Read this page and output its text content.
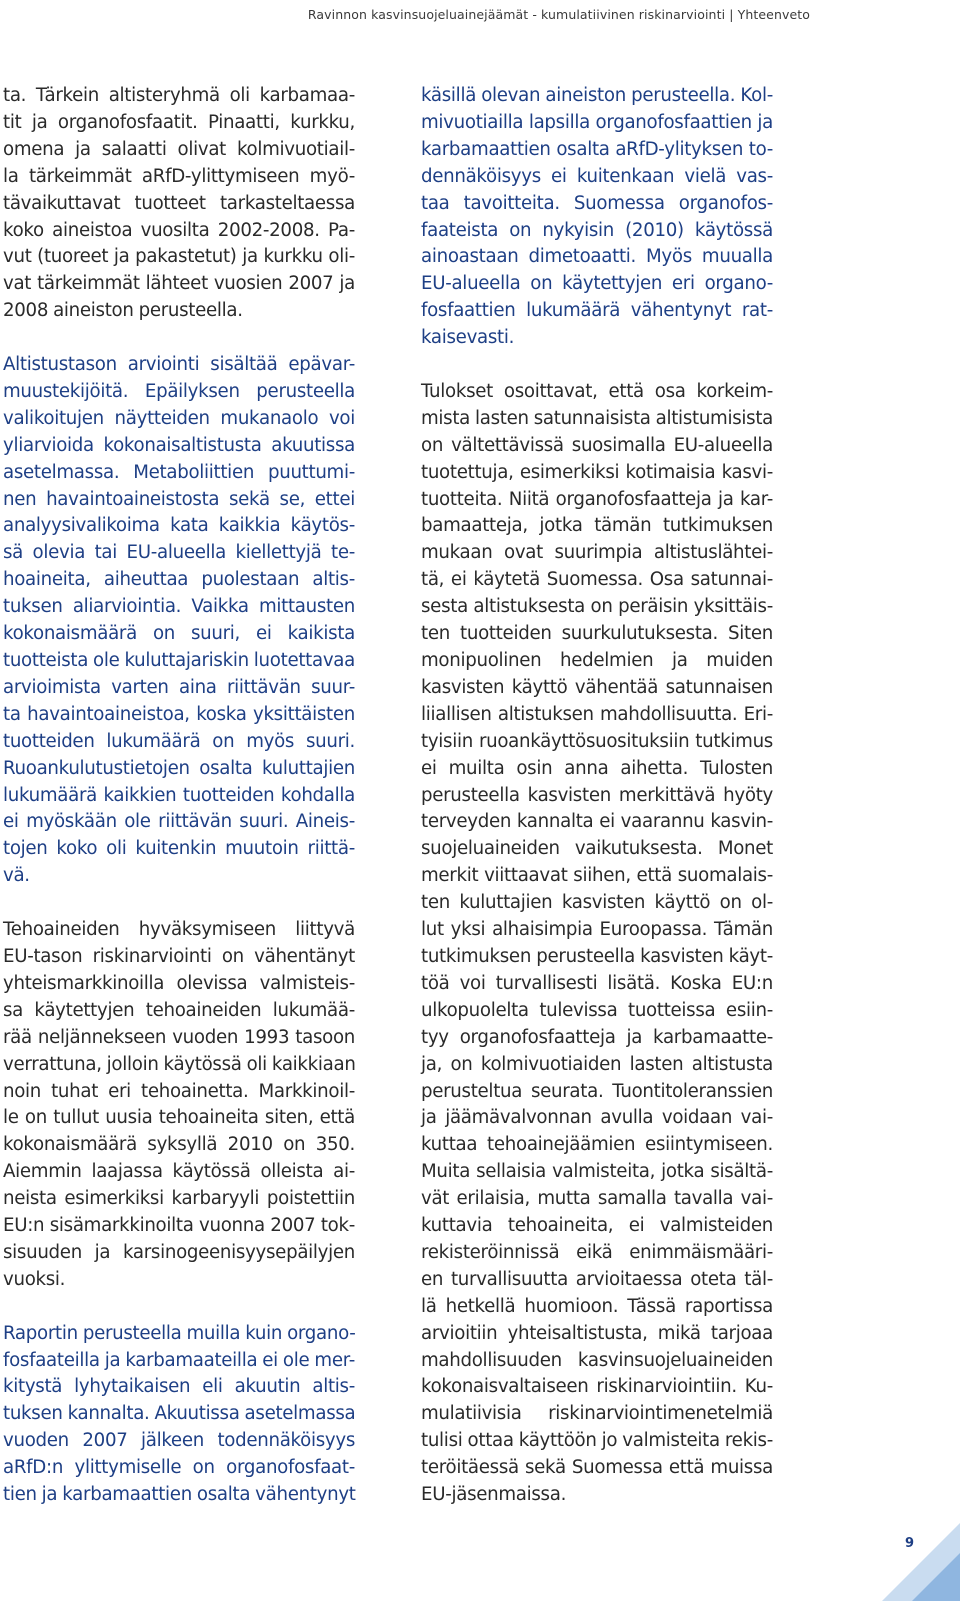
Ravinnon kasvinsuojeluainejäämät - kumulatiivinen riskinarviointi | Yhteenveto
ta. Tärkein altisteryhmä oli karbamaa-
tit ja organofosfaatit. Pinaatti, kurkku,
omena ja salaatti olivat kolmivuotiail-
la tärkeimmät aRfD-ylittymiseen myö-
tävaikuttavat tuotteet tarkasteltaessa
koko aineistoa vuosilta 2002-2008. Pa-
vut (tuoreet ja pakastetut) ja kurkku oli-
vat tärkeimmät lähteet vuosien 2007 ja
2008 aineiston perusteella.
Altistustason arviointi sisältää epävar-
muustekijöitä. Epäilyksen perusteella
valikoitujen näytteiden mukanaolo voi
yliarvioida kokonaisaltistusta akuutissa
asetelmassa. Metaboliittien puuttumi-
nen havaintoaineistosta sekä se, ettei
analyysivalikoima kata kaikkia käytös-
sä olevia tai EU-alueella kiellettyjä te-
hoaineita, aiheuttaa puolestaan altis-
tuksen aliarviointia. Vaikka mittausten
kokonaismäärä on suuri, ei kaikista
tuotteista ole kuluttajariskin luotettavaa
arvioimista varten aina riittävän suur-
ta havaintoaineistoa, koska yksittäisten
tuotteiden lukumäärä on myös suuri.
Ruoankulutustietojen osalta kuluttajien
lukumäärä kaikkien tuotteiden kohdalla
ei myöskään ole riittävän suuri. Aineis-
tojen koko oli kuitenkin muutoin riittä-
vä.
Tehoaineiden hyväksymiseen liittyvä
EU-tason riskinarviointi on vähentänyt
yhteismarkkinoilla olevissa valmisteis-
sa käytettyjen tehoaineiden lukumää-
rää neljännekseen vuoden 1993 tasoon
verrattuna, jolloin käytössä oli kaikkiaan
noin tuhat eri tehoainetta. Markkinoil-
le on tullut uusia tehoaineita siten, että
kokonaismäärä syksyllä 2010 on 350.
Aiemmin laajassa käytössä olleista ai-
neista esimerkiksi karbaryyli poistettiin
EU:n sisämarkkinoilta vuonna 2007 tok-
sisuuden ja karsinogeenisyysepäilyjen
vuoksi.
Raportin perusteella muilla kuin organo-
fosfaateilla ja karbamaateilla ei ole mer-
kitystä lyhytaikaisen eli akuutin altis-
tuksen kannalta. Akuutissa asetelmassa
vuoden 2007 jälkeen todennäköisyys
aRfD:n ylittymiselle on organofosfaat-
tien ja karbamaattien osalta vähentynyt
käsillä olevan aineiston perusteella. Kol-
mivuotiailla lapsilla organofosfaattien ja
karbamaattien osalta aRfD-ylityksen to-
dennäköisyys ei kuitenkaan vielä vas-
taa tavoitteita. Suomessa organofos-
faateista on nykyisin (2010) käytössä
ainoastaan dimetoaatti. Myös muualla
EU-alueella on käytettyjen eri organo-
fosfaattien lukumäärä vähentynyt rat-
kaisevasti.
Tulokset osoittavat, että osa korkeim-
mista lasten satunnaisista altistumisista
on vältettävissä suosimalla EU-alueella
tuotettuja, esimerkiksi kotimaisia kasvi-
tuotteita. Niitä organofosfaatteja ja kar-
bamaatteja, jotka tämän tutkimuksen
mukaan ovat suurimpia altistuslähtei-
tä, ei käytetä Suomessa. Osa satunnai-
sesta altistuksesta on peräisin yksittäis-
ten tuotteiden suurkulutuksesta. Siten
monipuolinen hedelmien ja muiden
kasvisten käyttö vähentää satunnaisen
liiallisen altistuksen mahdollisuutta. Eri-
tyisiin ruoankäyttösuosituksiin tutkimus
ei muilta osin anna aihetta. Tulosten
perusteella kasvisten merkittävä hyöty
terveyden kannalta ei vaarannu kasvin-
suojeluaineiden vaikutuksesta. Monet
merkit viittaavat siihen, että suomalais-
ten kuluttajien kasvisten käyttö on ol-
lut yksi alhaisimpia Euroopassa. Tämän
tutkimuksen perusteella kasvisten käyt-
töä voi turvallisesti lisätä. Koska EU:n
ulkopuolelta tulevissa tuotteissa esiin-
tyy organofosfaatteja ja karbamaatte-
ja, on kolmivuotiaiden lasten altistusta
perusteltua seurata. Tuontitoleranssien
ja jäämävalvonnan avulla voidaan vai-
kuttaa tehoainejäämien esiintymiseen.
Muita sellaisia valmisteita, jotka sisältä-
vät erilaisia, mutta samalla tavalla vai-
kuttavia tehoaineita, ei valmisteiden
rekisteröinnissä eikä enimmäismääri-
en turvallisuutta arvioitaessa oteta täl-
lä hetkellä huomioon. Tässä raportissa
arvioitiin yhteisaltistusta, mikä tarjoaa
mahdollisuuden kasvinsuojeluaineiden
kokonaisvaltaiseen riskinarviointiin. Ku-
mulatiivisia riskinarviointimenetelmiä
tulisi ottaa käyttöön jo valmisteita rekis-
teröitäessä sekä Suomessa että muissa
EU-jäsenmaissa.
9
